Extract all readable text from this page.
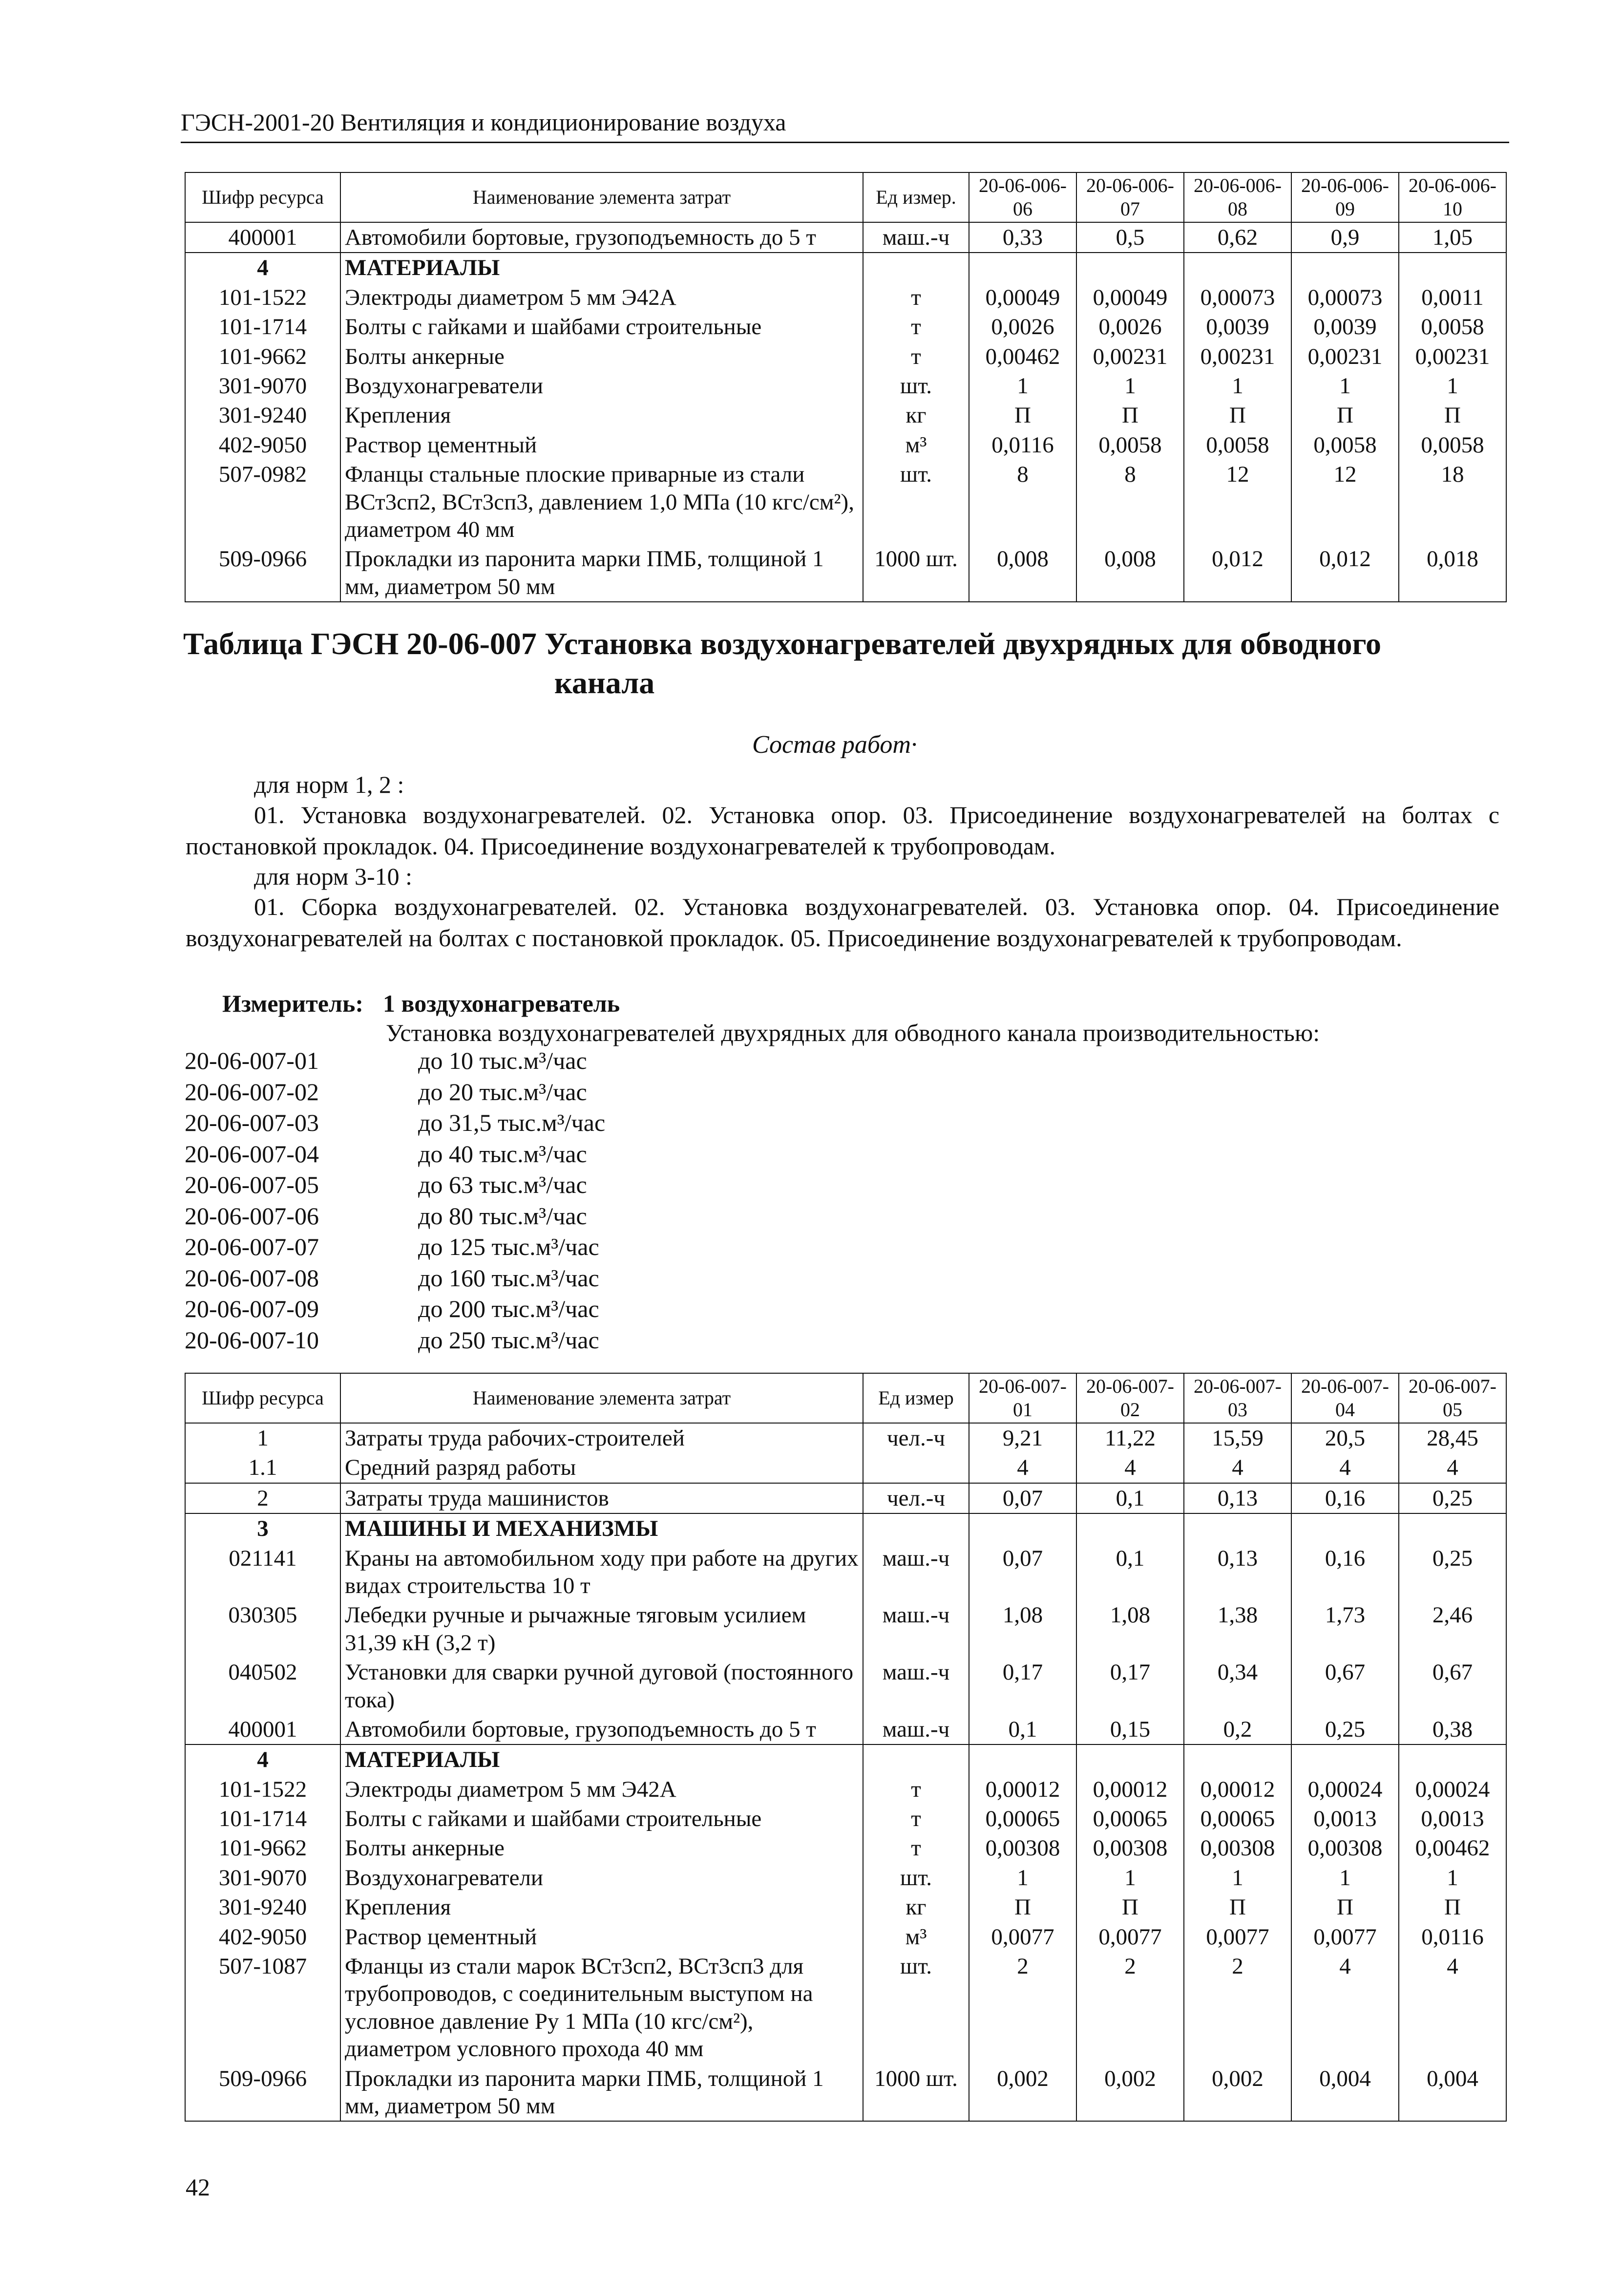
ГЭСН-2001-20 Вентиляция и кондиционирование воздуха
Шифр ресурса	Наименование элемента затрат	Ед измер.	20-06-006-06	20-06-006-07	20-06-006-08	20-06-006-09	20-06-006-10
400001	Автомобили бортовые, грузоподъемность до 5 т	маш.-ч	0,33	0,5	0,62	0,9	1,05
4	МАТЕРИАЛЫ						
101-1522	Электроды диаметром 5 мм Э42А	т	0,00049	0,00049	0,00073	0,00073	0,0011
101-1714	Болты с гайками и шайбами строительные	т	0,0026	0,0026	0,0039	0,0039	0,0058
101-9662	Болты анкерные	т	0,00462	0,00231	0,00231	0,00231	0,00231
301-9070	Воздухонагреватели	шт.	1	1	1	1	1
301-9240	Крепления	кг	П	П	П	П	П
402-9050	Раствор цементный	м³	0,0116	0,0058	0,0058	0,0058	0,0058
507-0982	Фланцы стальные плоские приварные из стали ВСт3сп2, ВСт3сп3, давлением 1,0 МПа (10 кгс/см²), диаметром 40 мм	шт.	8	8	12	12	18
509-0966	Прокладки из паронита марки ПМБ, толщиной 1 мм, диаметром 50 мм	1000 шт.	0,008	0,008	0,012	0,012	0,018
Таблица ГЭСН 20-06-007 Установка воздухонагревателей двухрядных для обводного
канала
Состав работ·
для норм 1, 2 :
01. Установка воздухонагревателей. 02. Установка опор. 03. Присоединение воздухонагревателей на болтах с постановкой прокладок. 04. Присоединение воздухонагревателей к трубопроводам.
для норм 3-10 :
01. Сборка воздухонагревателей. 02. Установка воздухонагревателей. 03. Установка опор. 04. Присоединение воздухонагревателей на болтах с постановкой прокладок. 05. Присоединение воздухонагревателей к трубопроводам.
Измеритель: 1 воздухонагреватель
Установка воздухонагревателей двухрядных для обводного канала производительностью:
20-06-007-01	до 10 тыс.м³/час
20-06-007-02	до 20 тыс.м³/час
20-06-007-03	до 31,5 тыс.м³/час
20-06-007-04	до 40 тыс.м³/час
20-06-007-05	до 63 тыс.м³/час
20-06-007-06	до 80 тыс.м³/час
20-06-007-07	до 125 тыс.м³/час
20-06-007-08	до 160 тыс.м³/час
20-06-007-09	до 200 тыс.м³/час
20-06-007-10	до 250 тыс.м³/час
Шифр ресурса	Наименование элемента затрат	Ед измер	20-06-007-01	20-06-007-02	20-06-007-03	20-06-007-04	20-06-007-05
1	Затраты труда рабочих-строителей	чел.-ч	9,21	11,22	15,59	20,5	28,45
1.1	Средний разряд работы		4	4	4	4	4
2	Затраты труда машинистов	чел.-ч	0,07	0,1	0,13	0,16	0,25
3	МАШИНЫ И МЕХАНИЗМЫ						
021141	Краны на автомобильном ходу при работе на других видах строительства 10 т	маш.-ч	0,07	0,1	0,13	0,16	0,25
030305	Лебедки ручные и рычажные тяговым усилием 31,39 кН (3,2 т)	маш.-ч	1,08	1,08	1,38	1,73	2,46
040502	Установки для сварки ручной дуговой (постоянного тока)	маш.-ч	0,17	0,17	0,34	0,67	0,67
400001	Автомобили бортовые, грузоподъемность до 5 т	маш.-ч	0,1	0,15	0,2	0,25	0,38
4	МАТЕРИАЛЫ						
101-1522	Электроды диаметром 5 мм Э42А	т	0,00012	0,00012	0,00012	0,00024	0,00024
101-1714	Болты с гайками и шайбами строительные	т	0,00065	0,00065	0,00065	0,0013	0,0013
101-9662	Болты анкерные	т	0,00308	0,00308	0,00308	0,00308	0,00462
301-9070	Воздухонагреватели	шт.	1	1	1	1	1
301-9240	Крепления	кг	П	П	П	П	П
402-9050	Раствор цементный	м³	0,0077	0,0077	0,0077	0,0077	0,0116
507-1087	Фланцы из стали марок ВСт3сп2, ВСт3сп3 для трубопроводов, с соединительным выступом на условное давление Ру 1 МПа (10 кгс/см²), диаметром условного прохода 40 мм	шт.	2	2	2	4	4
509-0966	Прокладки из паронита марки ПМБ, толщиной 1 мм, диаметром 50 мм	1000 шт.	0,002	0,002	0,002	0,004	0,004
42
